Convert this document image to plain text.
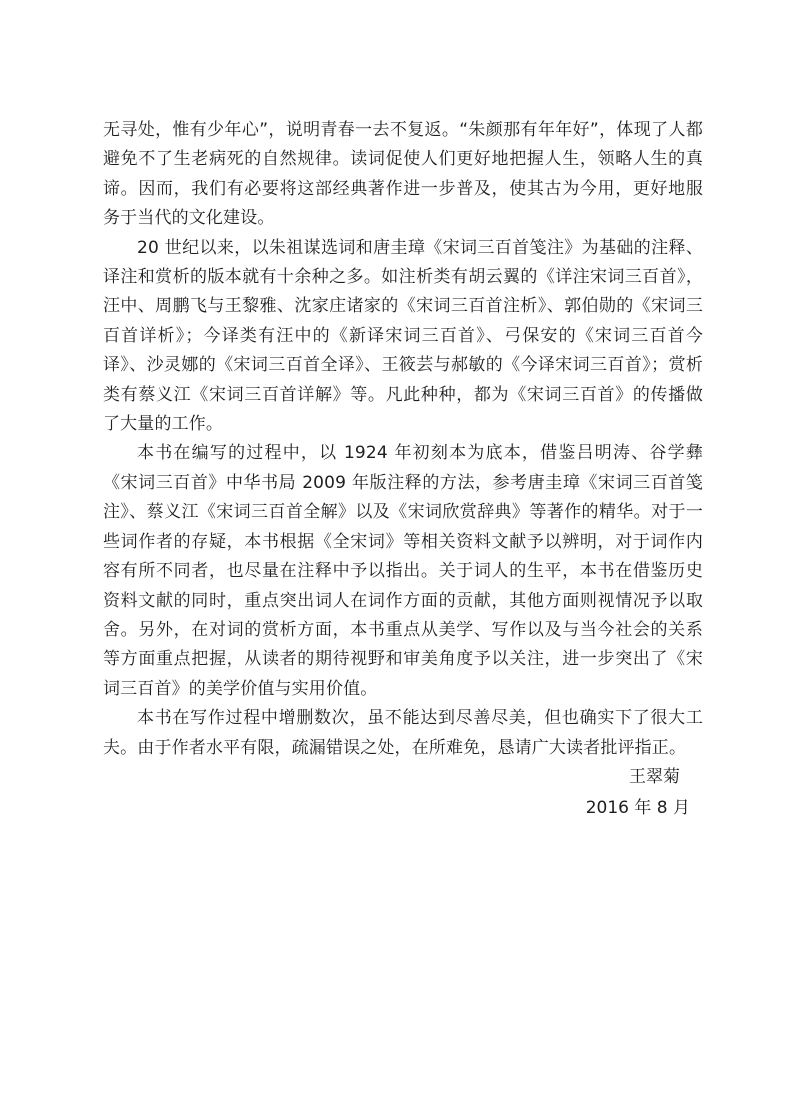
无寻处，惟有少年心”，说明青春一去不复返。“朱颜那有年年好”，体现了人都避免不了生老病死的自然规律。读词促使人们更好地把握人生，领略人生的真谛。因而，我们有必要将这部经典著作进一步普及，使其古为今用，更好地服务于当代的文化建设。

20 世纪以来，以朱祖谋选词和唐圭璋《宋词三百首笺注》为基础的注释、译注和赏析的版本就有十余种之多。如注析类有胡云翼的《详注宋词三百首》，汪中、周鹏飞与王黎雅、沈家庄诸家的《宋词三百首注析》、郭伯勋的《宋词三百首详析》；今译类有汪中的《新译宋词三百首》、弓保安的《宋词三百首今译》、沙灵娜的《宋词三百首全译》、王筱芸与郝敏的《今译宋词三百首》；赏析类有蔡义江《宋词三百首详解》等。凡此种种，都为《宋词三百首》的传播做了大量的工作。

本书在编写的过程中，以 1924 年初刻本为底本，借鉴吕明涛、谷学彝《宋词三百首》中华书局 2009 年版注释的方法，参考唐圭璋《宋词三百首笺注》、蔡义江《宋词三百首全解》以及《宋词欣赏辞典》等著作的精华。对于一些词作者的存疑，本书根据《全宋词》等相关资料文献予以辨明，对于词作内容有所不同者，也尽量在注释中予以指出。关于词人的生平，本书在借鉴历史资料文献的同时，重点突出词人在词作方面的贡献，其他方面则视情况予以取舍。另外，在对词的赏析方面，本书重点从美学、写作以及与当今社会的关系等方面重点把握，从读者的期待视野和审美角度予以关注，进一步突出了《宋词三百首》的美学价值与实用价值。

本书在写作过程中增删数次，虽不能达到尽善尽美，但也确实下了很大工夫。由于作者水平有限，疏漏错误之处，在所难免，恳请广大读者批评指正。

王翠菊
2016 年 8 月
